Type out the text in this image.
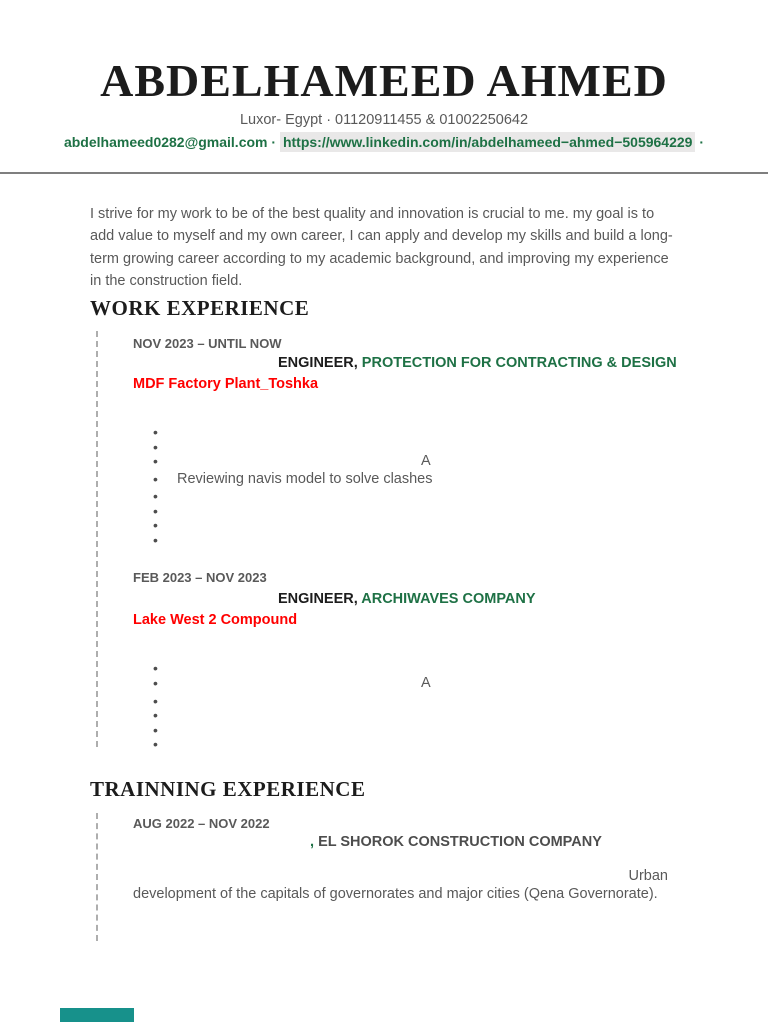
ABDELHAMEED AHMED
Luxor- Egypt · 01120911455 & 01002250642
abdelhameed0282@gmail.com · https://www.linkedin.com/in/abdelhameed−ahmed−505964229 ·

I strive for my work to be of the best quality and innovation is crucial to me. my goal is to add value to myself and my own career, I can apply and develop my skills and build a long-term growing career according to my academic background, and improving my experience in the construction field.

WORK EXPERIENCE
NOV 2023 – UNTIL NOW
ENGINEER, PROTECTION FOR CONTRACTING & DESIGN
MDF Factory Plant_Toshka
•
•
• A
• Reviewing navis model to solve clashes
•
•
•
•
FEB 2023 – NOV 2023
ENGINEER, ARCHIWAVES COMPANY
Lake West 2 Compound
•
• A
•
•
•
•
TRAINNING EXPERIENCE
AUG 2022 – NOV 2022
, EL SHOROK CONSTRUCTION COMPANY
Urban
development of the capitals of governorates and major cities (Qena Governorate).
